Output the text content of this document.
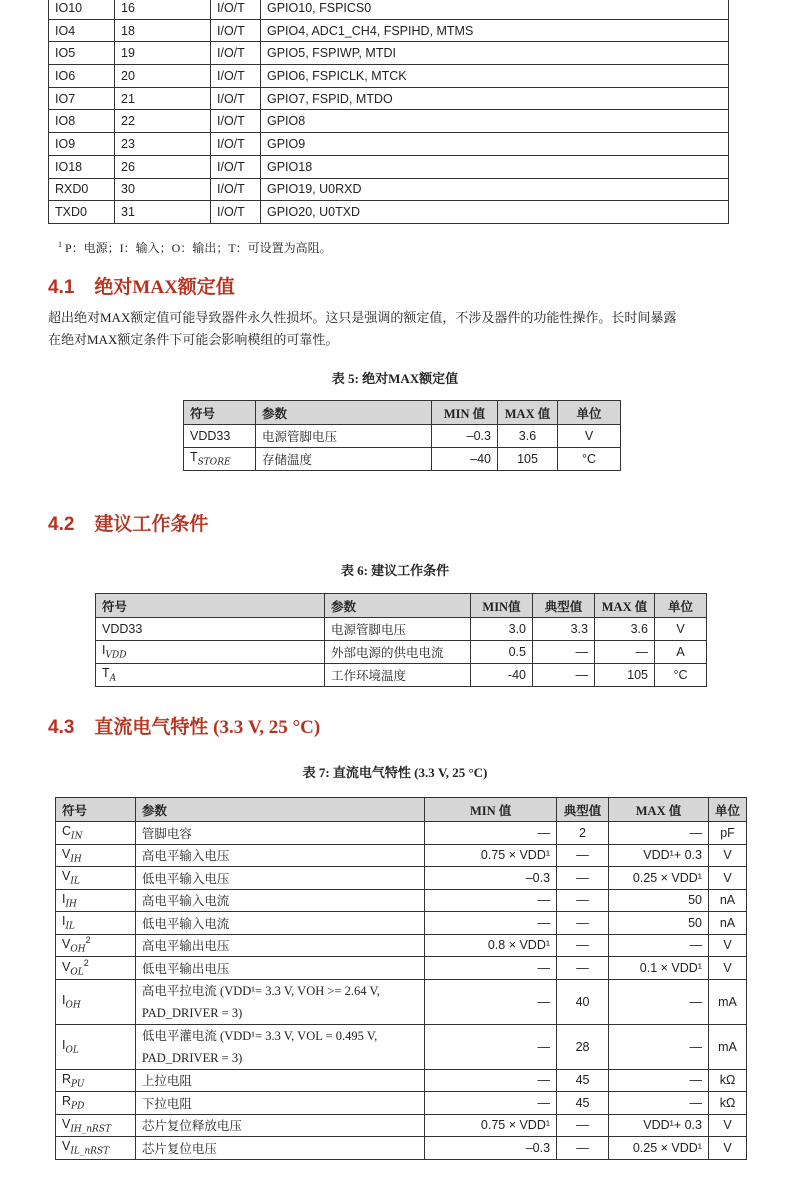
IO10	16	I/O/T	GPIO10, FSPICS0
IO4	18	I/O/T	GPIO4, ADC1_CH4, FSPIHD, MTMS
IO5	19	I/O/T	GPIO5, FSPIWP, MTDI
IO6	20	I/O/T	GPIO6, FSPICLK, MTCK
IO7	21	I/O/T	GPIO7, FSPID, MTDO
IO8	22	I/O/T	GPIO8
IO9	23	I/O/T	GPIO9
IO18	26	I/O/T	GPIO18
RXD0	30	I/O/T	GPIO19, U0RXD
TXD0	31	I/O/T	GPIO20, U0TXD
$^1$ P：电源；I：输入；O：输出；T：可设置为高阻。
4.1 绝对MAX额定值
超出绝对MAX额定值可能导致器件永久性损坏。这只是强调的额定值，不涉及器件的功能性操作。长时间暴露
在绝对MAX额定条件下可能会影响模组的可靠性。
表 5: 绝对MAX额定值
符号	参数	MIN 值	MAX 值	单位
VDD33	电源管脚电压	–0.3	3.6	V
$T_{STORE}$	存储温度	–40	105	°C
4.2 建议工作条件
表 6: 建议工作条件
符号	参数	MIN值	典型值	MAX 值	单位
VDD33	电源管脚电压	3.0	3.3	3.6	V
$I_{VDD}$	外部电源的供电电流	0.5	—	—	A
$T_A$	工作环境温度	-40	—	105	°C
4.3 直流电气特性 (3.3 V, 25 °C)
表 7: 直流电气特性 (3.3 V, 25 °C)
符号	参数	MIN 值	典型值	MAX 值	单位
$C_{IN}$	管脚电容	—	2	—	pF
$V_{IH}$	高电平输入电压	0.75 × VDD¹	—	VDD¹+ 0.3	V
$V_{IL}$	低电平输入电压	–0.3	—	0.25 × VDD¹	V
$I_{IH}$	高电平输入电流	—	—	50	nA
$I_{IL}$	低电平输入电流	—	—	50	nA
$V_{OH}^2$	高电平输出电压	0.8 × VDD¹	—	—	V
$V_{OL}^2$	低电平输出电压	—	—	0.1 × VDD¹	V
$I_{OH}$	高电平拉电流 (VDD¹= 3.3 V, VOH >= 2.64 V, PAD_DRIVER = 3)	—	40	—	mA
$I_{OL}$	低电平灌电流 (VDD¹= 3.3 V, VOL = 0.495 V, PAD_DRIVER = 3)	—	28	—	mA
$R_{PU}$	上拉电阻	—	45	—	kΩ
$R_{PD}$	下拉电阻	—	45	—	kΩ
$V_{IH\_nRST}$	芯片复位释放电压	0.75 × VDD¹	—	VDD¹+ 0.3	V
$V_{IL\_nRST}$	芯片复位电压	–0.3	—	0.25 × VDD¹	V
